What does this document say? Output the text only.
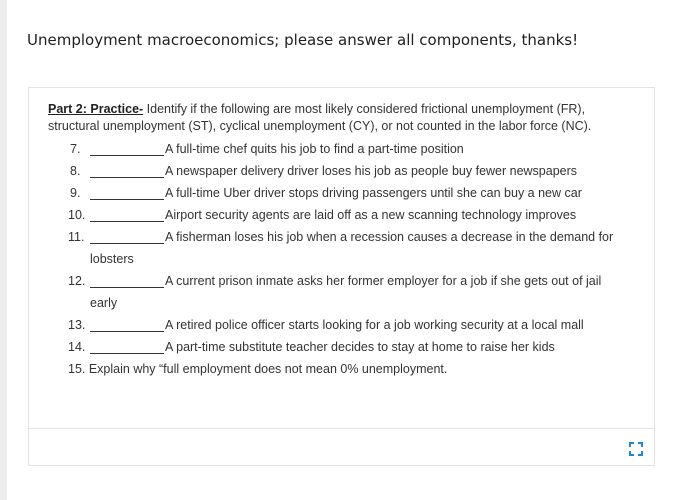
Unemployment macroeconomics; please answer all components, thanks!

Part 2: Practice- Identify if the following are most likely considered frictional unemployment (FR), structural unemployment (ST), cyclical unemployment (CY), or not counted in the labor force (NC).

7.	A full-time chef quits his job to find a part-time position
8.	A newspaper delivery driver loses his job as people buy fewer newspapers
9.	A full-time Uber driver stops driving passengers until she can buy a new car
10.	Airport security agents are laid off as a new scanning technology improves
11.	A fisherman loses his job when a recession causes a decrease in the demand for
lobsters
12.	A current prison inmate asks her former employer for a job if she gets out of jail
early
13.	A retired police officer starts looking for a job working security at a local mall
14.	A part-time substitute teacher decides to stay at home to raise her kids
15. Explain why “full employment does not mean 0% unemployment.
